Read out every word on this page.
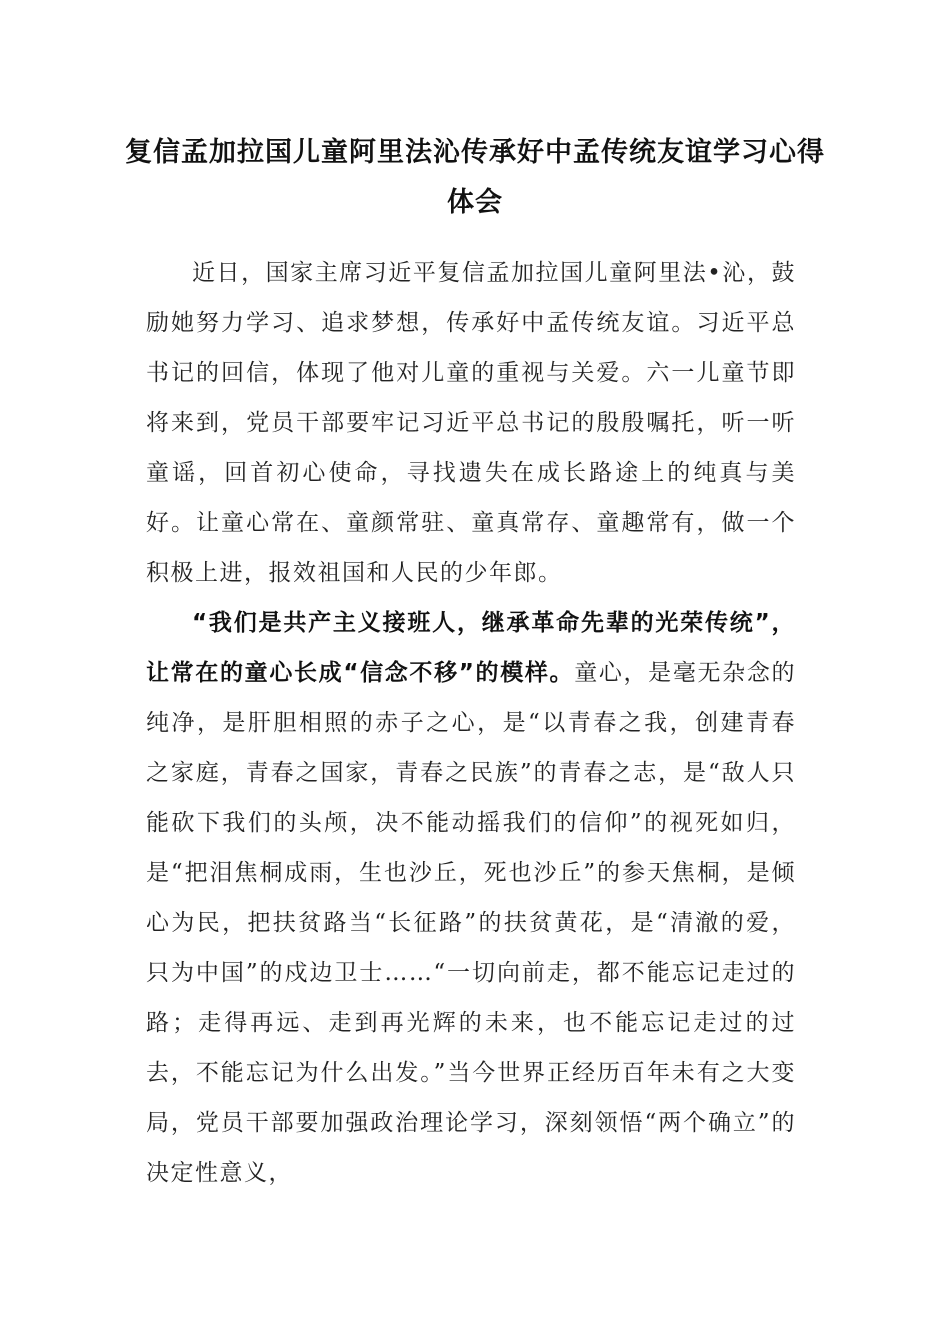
复信孟加拉国儿童阿里法沁传承好中孟传统友谊学习心得体会

近日，国家主席习近平复信孟加拉国儿童阿里法•沁，鼓励她努力学习、追求梦想，传承好中孟传统友谊。习近平总书记的回信，体现了他对儿童的重视与关爱。六一儿童节即将来到，党员干部要牢记习近平总书记的殷殷嘱托，听一听童谣，回首初心使命，寻找遗失在成长路途上的纯真与美好。让童心常在、童颜常驻、童真常存、童趣常有，做一个积极上进，报效祖国和人民的少年郎。

“我们是共产主义接班人，继承革命先辈的光荣传统”，让常在的童心长成“信念不移”的模样。童心，是毫无杂念的纯净，是肝胆相照的赤子之心，是“以青春之我，创建青春之家庭，青春之国家，青春之民族”的青春之志，是“敌人只能砍下我们的头颅，决不能动摇我们的信仰”的视死如归，是“把泪焦桐成雨，生也沙丘，死也沙丘”的参天焦桐，是倾心为民，把扶贫路当“长征路”的扶贫黄花，是“清澈的爱，只为中国”的戍边卫士……“一切向前走，都不能忘记走过的路；走得再远、走到再光辉的未来，也不能忘记走过的过去，不能忘记为什么出发。”当今世界正经历百年未有之大变局，党员干部要加强政治理论学习，深刻领悟“两个确立”的决定性意义，
